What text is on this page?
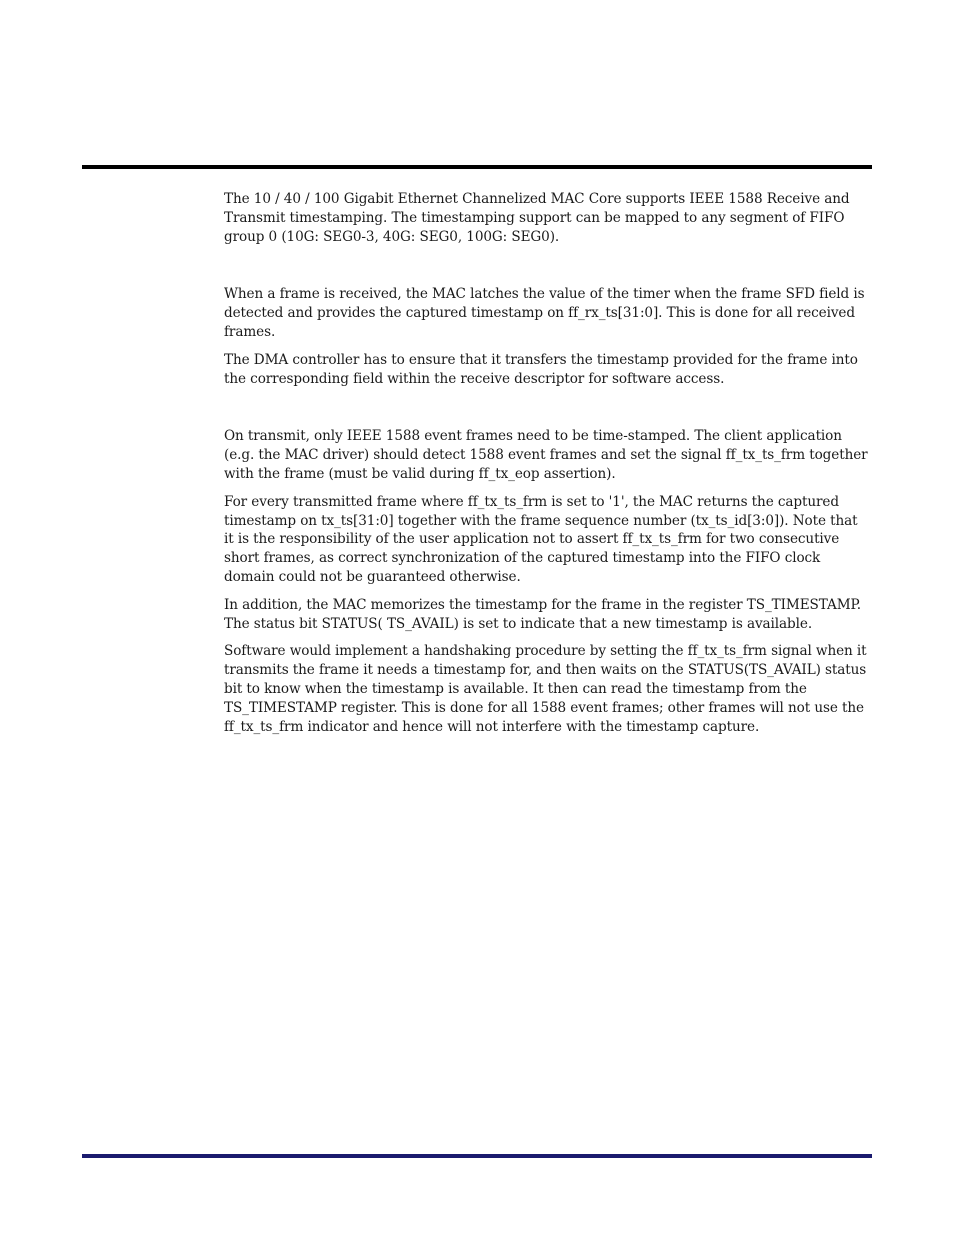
The 10 / 40 / 100 Gigabit Ethernet Channelized MAC Core supports IEEE 1588 Receive and Transmit timestamping. The timestamping support can be mapped to any segment of FIFO group 0 (10G: SEG0-3, 40G: SEG0, 100G: SEG0).

When a frame is received, the MAC latches the value of the timer when the frame SFD field is detected and provides the captured timestamp on ff_rx_ts[31:0]. This is done for all received frames.

The DMA controller has to ensure that it transfers the timestamp provided for the frame into the corresponding field within the receive descriptor for software access.

On transmit, only IEEE 1588 event frames need to be time-stamped. The client application (e.g. the MAC driver) should detect 1588 event frames and set the signal ff_tx_ts_frm together with the frame (must be valid during ff_tx_eop assertion).

For every transmitted frame where ff_tx_ts_frm is set to '1', the MAC returns the captured timestamp on tx_ts[31:0] together with the frame sequence number (tx_ts_id[3:0]). Note that it is the responsibility of the user application not to assert ff_tx_ts_frm for two consecutive short frames, as correct synchronization of the captured timestamp into the FIFO clock domain could not be guaranteed otherwise.

In addition, the MAC memorizes the timestamp for the frame in the register TS_TIMESTAMP. The status bit STATUS( TS_AVAIL) is set to indicate that a new timestamp is available.

Software would implement a handshaking procedure by setting the ff_tx_ts_frm signal when it transmits the frame it needs a timestamp for, and then waits on the STATUS(TS_AVAIL) status bit to know when the timestamp is available. It then can read the timestamp from the TS_TIMESTAMP register. This is done for all 1588 event frames; other frames will not use the ff_tx_ts_frm indicator and hence will not interfere with the timestamp capture.
